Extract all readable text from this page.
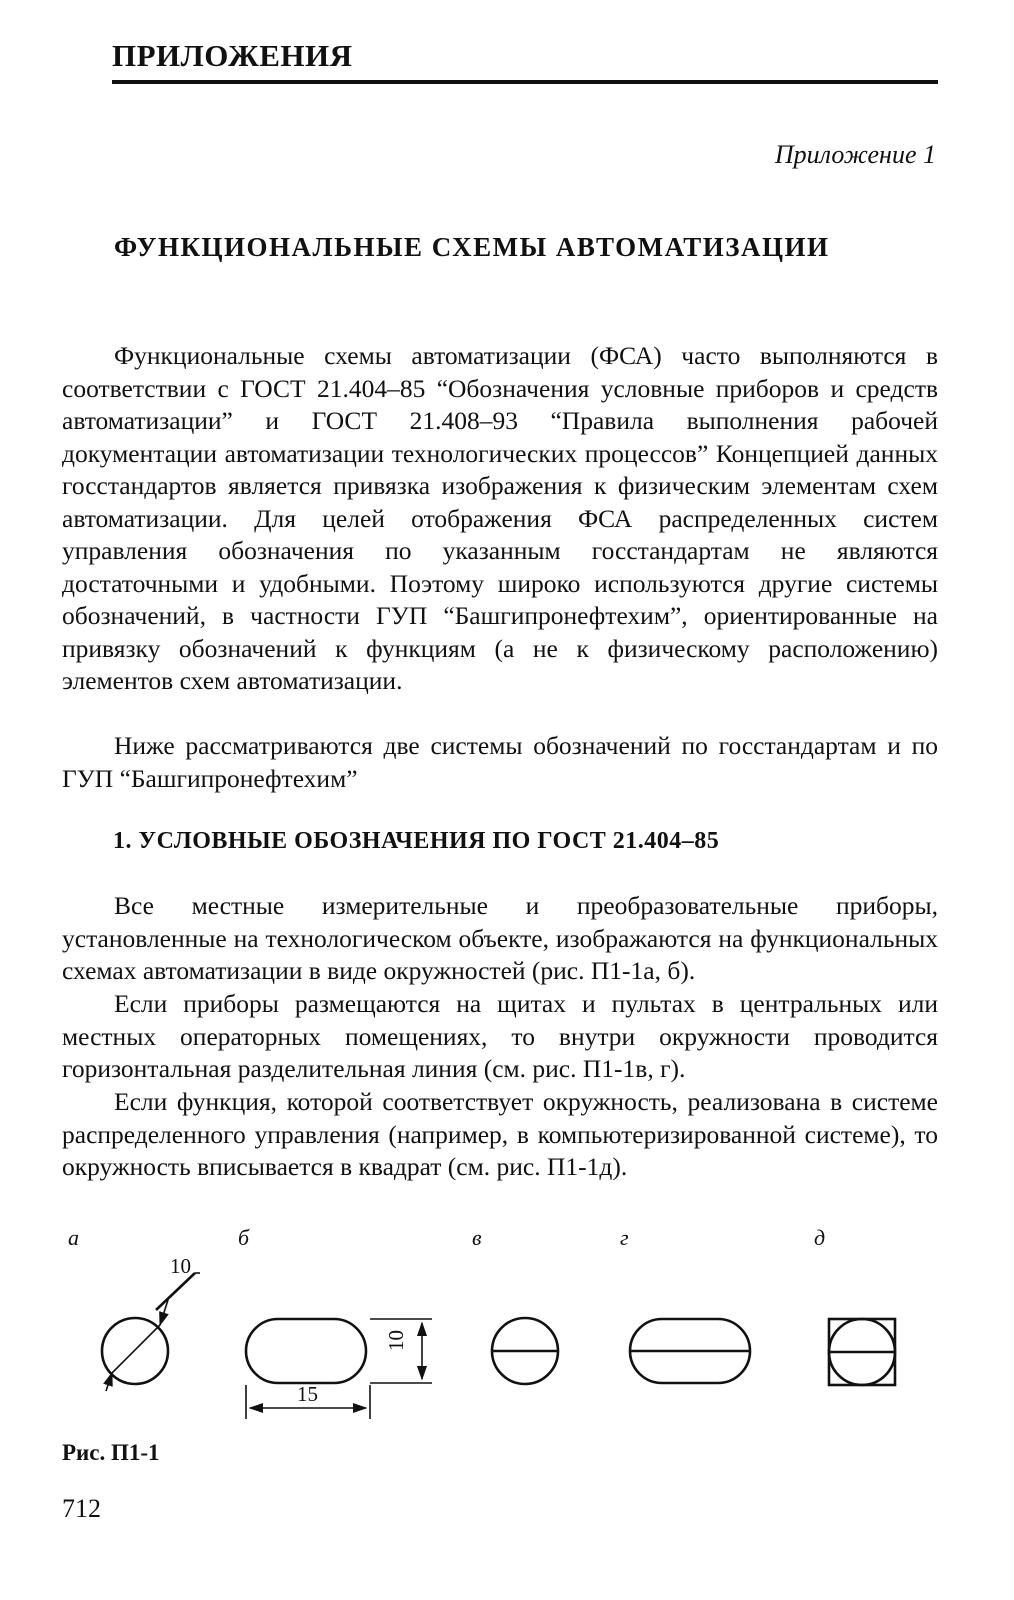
ПРИЛОЖЕНИЯ
Приложение 1
ФУНКЦИОНАЛЬНЫЕ СХЕМЫ АВТОМАТИЗАЦИИ

Функциональные схемы автоматизации (ФСА) часто выполняются в соответствии с ГОСТ 21.404–85 “Обозначения условные приборов и средств автоматизации” и ГОСТ 21.408–93 “Правила выполнения рабочей документации автоматизации технологических процессов” Концепцией данных госстандартов является привязка изображения к физическим элементам схем автоматизации. Для целей отображения ФСА распределенных систем управления обозначения по указанным госстандартам не являются достаточными и удобными. Поэтому широко используются другие системы обозначений, в частности ГУП “Башгипронефтехим”, ориентированные на привязку обозначений к функциям (а не к физическому расположению) элементов схем автоматизации.

Ниже рассматриваются две системы обозначений по госстандартам и по ГУП “Башгипронефтехим”

1. УСЛОВНЫЕ ОБОЗНАЧЕНИЯ ПО ГОСТ 21.404–85

Все местные измерительные и преобразовательные приборы, установленные на технологическом объекте, изображаются на функциональных схемах автоматизации в виде окружностей (рис. П1-1а, б).

Если приборы размещаются на щитах и пультах в центральных или местных операторных помещениях, то внутри окружности проводится горизонтальная разделительная линия (см. рис. П1-1в, г).

Если функция, которой соответствует окружность, реализована в системе распределенного управления (например, в компьютеризированной системе), то окружность вписывается в квадрат (см. рис. П1-1д).

а	б	в	г	д
10
10
15

Рис. П1-1

712
